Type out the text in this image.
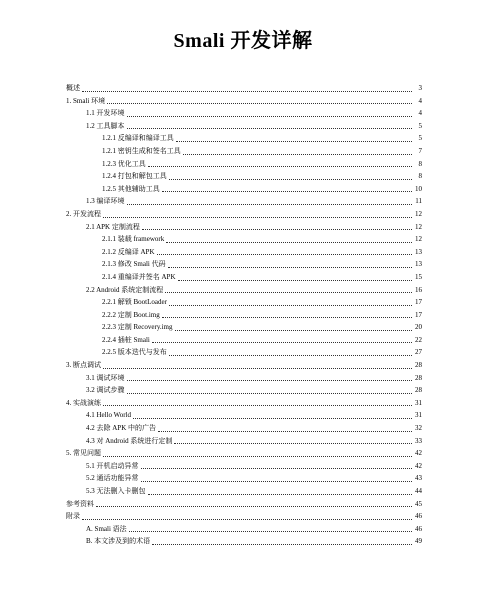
Smali 开发详解
概述	3
1. Smali 环境	4
1.1 开发环境	4
1.2 工具脚本	5
1.2.1 反编译和编译工具	5
1.2.1 密钥生成和签名工具	7
1.2.3 优化工具	8
1.2.4 打包和解包工具	8
1.2.5 其他辅助工具	10
1.3 编译环境	11
2. 开发流程	12
2.1 APK 定制流程	12
2.1.1 装载 framework	12
2.1.2 反编译 APK	13
2.1.3 修改 Smali 代码	13
2.1.4 重编译并签名 APK	15
2.2 Android 系统定制流程	16
2.2.1 解锁 BootLoader	17
2.2.2 定制 Boot.img	17
2.2.3 定制 Recovery.img	20
2.2.4 插桩 Smali	22
2.2.5 版本迭代与发布	27
3. 断点调试	28
3.1 调试环境	28
3.2 调试步骤	28
4. 实战演练	31
4.1 Hello World	31
4.2 去除 APK 中的广告	32
4.3 对 Android 系统进行定制	33
5. 常见问题	42
5.1 开机启动异常	42
5.2 通话功能异常	43
5.3 无法删入卡删包	44
参考资料	45
附录	46
A. Smali 语法	46
B. 本文涉及到的术语	49
